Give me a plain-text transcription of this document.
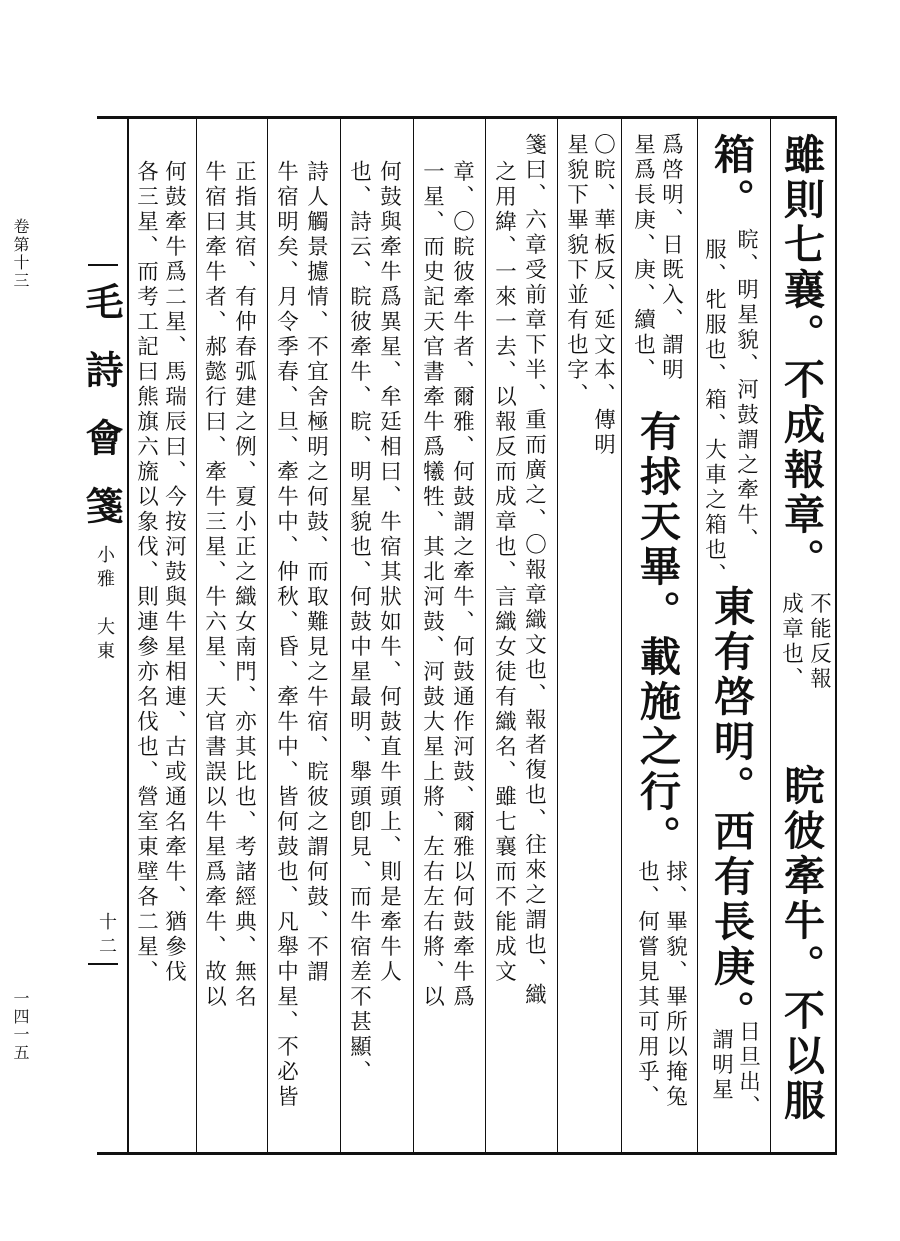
卷第十三
一四一五
毛詩會箋
小雅　大東
十二
雖則七襄。不成報章。
不能反報
成章也、
睆彼牽牛。不以服
箱。
睆、明星貌、河鼓謂之牽牛、
東有啓明。西有長庚。
日旦出、
謂明星
服、牝服也、箱、大車之箱也、
爲啓明、日既入、謂明
星爲長庚、庚、續也、
有捄天畢。載施之行。
捄、畢貌、畢所以掩兔
也、何嘗見其可用乎、
〇睆、華板反、延文本、傳明
星貌下畢貌下並有也字、
箋曰、六章受前章下半、重而廣之、〇報章織文也、報者復也、往來之謂也、織
之用緯、一來一去、以報反而成章也、言織女徒有織名、雖七襄而不能成文
章、〇睆彼牽牛者、爾雅、何鼓謂之牽牛、何鼓通作河鼓、爾雅以何鼓牽牛爲
一星、而史記天官書牽牛爲犧牲、其北河鼓、河鼓大星上將、左右左右將、以
何鼓與牽牛爲異星、牟廷相曰、牛宿其狀如牛、何鼓直牛頭上、則是牽牛人
也、詩云、睆彼牽牛、睆、明星貌也、何鼓中星最明、舉頭卽見、而牛宿差不甚顯、
詩人觸景攄情、不宜舍極明之何鼓、而取難見之牛宿、睆彼之謂何鼓、不謂
牛宿明矣、月令季春、旦、牽牛中、仲秋、昏、牽牛中、皆何鼓也、凡舉中星、不必皆
正指其宿、有仲春弧建之例、夏小正之織女南門、亦其比也、考諸經典、無名
牛宿曰牽牛者、郝懿行曰、牽牛三星、牛六星、天官書誤以牛星爲牽牛、故以
何鼓牽牛爲二星、馬瑞辰曰、今按河鼓與牛星相連、古或通名牽牛、猶參伐
各三星、而考工記曰熊旗六旒以象伐、則連參亦名伐也、營室東壁各二星、
